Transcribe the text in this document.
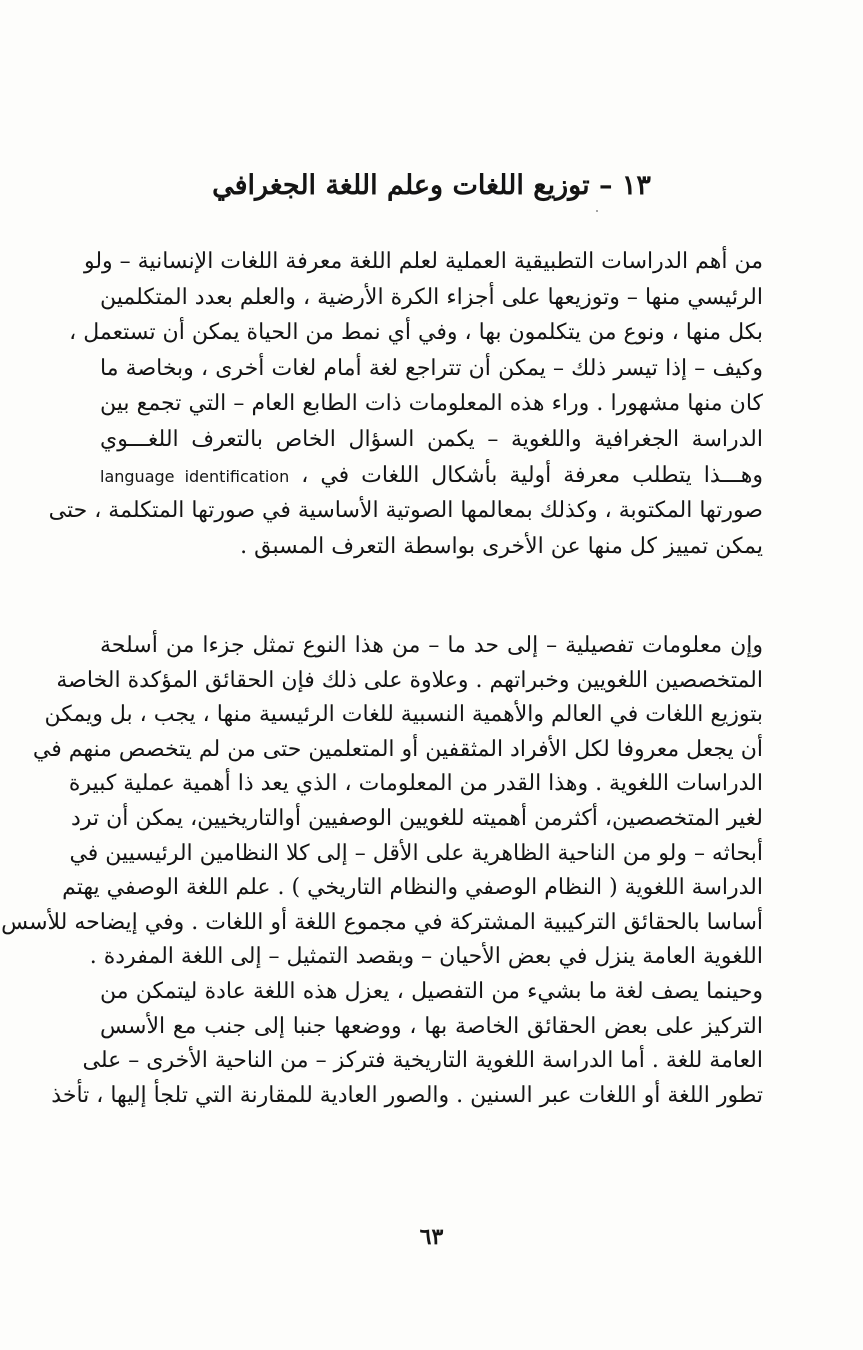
١٣ – توزيع اللغات وعلم اللغة الجغرافي
من أهم الدراسات التطبيقية العملية لعلم اللغة معرفة اللغات الإنسانية – ولو
الرئيسي منها – وتوزيعها على أجزاء الكرة الأرضية ، والعلم بعدد المتكلمين
بكل منها ، ونوع من يتكلمون بها ، وفي أي نمط من الحياة يمكن أن تستعمل ،
وكيف – إذا تيسر ذلك – يمكن أن تتراجع لغة أمام لغات أخرى ، وبخاصة ما
كان منها مشهورا . وراء هذه المعلومات ذات الطابع العام – التي تجمع بين
الدراسة الجغرافية واللغوية – يكمن السؤال الخاص بالتعرف اللغـــوي
وهـــذا يتطلب معرفة أولية بأشكال اللغات في ، language identification
صورتها المكتوبة ، وكذلك بمعالمها الصوتية الأساسية في صورتها المتكلمة ، حتى
يمكن تمييز كل منها عن الأخرى بواسطة التعرف المسبق .
وإن معلومات تفصيلية – إلى حد ما – من هذا النوع تمثل جزءا من أسلحة
المتخصصين اللغويين وخبراتهم . وعلاوة على ذلك فإن الحقائق المؤكدة الخاصة
بتوزيع اللغات في العالم والأهمية النسبية للغات الرئيسية منها ، يجب ، بل ويمكن
أن يجعل معروفا لكل الأفراد المثقفين أو المتعلمين حتى من لم يتخصص منهم في
الدراسات اللغوية . وهذا القدر من المعلومات ، الذي يعد ذا أهمية عملية كبيرة
لغير المتخصصين، أكثرمن أهميته للغويين الوصفيين أوالتاريخيين، يمكن أن ترد
أبحاثه – ولو من الناحية الظاهرية على الأقل – إلى كلا النظامين الرئيسيين في
الدراسة اللغوية ( النظام الوصفي والنظام التاريخي ) . علم اللغة الوصفي يهتم
أساسا بالحقائق التركيبية المشتركة في مجموع اللغة أو اللغات . وفي إيضاحه للأسس
اللغوية العامة ينزل في بعض الأحيان – وبقصد التمثيل – إلى اللغة المفردة .
وحينما يصف لغة ما بشيء من التفصيل ، يعزل هذه اللغة عادة ليتمكن من
التركيز على بعض الحقائق الخاصة بها ، ووضعها جنبا إلى جنب مع الأسس
العامة للغة . أما الدراسة اللغوية التاريخية فتركز – من الناحية الأخرى – على
تطور اللغة أو اللغات عبر السنين . والصور العادية للمقارنة التي تلجأ إليها ، تأخذ
٦٣
